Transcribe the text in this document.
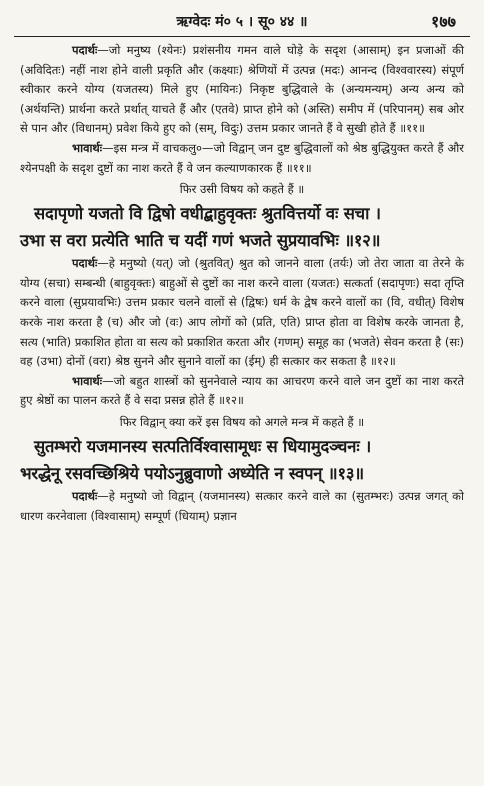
ऋग्वेदः मं० ५ । सू० ४४ ॥	१७७

पदार्थः—जो मनुष्य (श्येनः) प्रशंसनीय गमन वाले घोड़े के सदृश (आसाम्) इन प्रजाओं की (अविदितः) नहीं नाश होने वाली प्रकृति और (कक्ष्याः) श्रेणियों में उत्पन्न (मदः) आनन्द (विश्ववारस्य) संपूर्ण स्वीकार करने योग्य (यजतस्य) मिले हुए (मायिनः) निकृष्ट बुद्धिवाले के (अन्यमन्यम्) अन्य अन्य को (अर्थयन्ति) प्रार्थना करते प्रर्थात् याचते हैं और (एतवे) प्राप्त होने को (अस्ति) समीप में (परिपानम्) सब ओर से पान और (विधानम्) प्रवेश किये हुए को (सम्, विदुः) उत्तम प्रकार जानते हैं वे सुखी होते हैं ॥११॥

भावार्थः—इस मन्त्र में वाचकलु०—जो विद्वान् जन दुष्ट बुद्धिवालों को श्रेष्ठ बुद्धियुक्त करते हैं और श्येनपक्षी के सदृश दुष्टों का नाश करते हैं वे जन कल्याणकारक हैं ॥११॥

फिर उसी विषय को कहते हैं ॥
सदापृणो यजतो वि द्विषो वधीद्बाहुवृक्तः श्रुतवित्तर्यो वः सचा ।
उभा स वरा प्रत्येति भाति च यदीं गणं भजते सुप्रयावभिः ॥१२॥

पदार्थः—हे मनुष्यो (यत्) जो (श्रुतवित्) श्रुत को जानने वाला (तर्यः) जो तेरा जाता वा तेरने के योग्य (सचा) सम्बन्धी (बाहुवृक्तः) बाहुओं से दुष्टों का नाश करने वाला (यजतः) सत्कर्ता (सदापृणः) सदा तृप्ति करने वाला (सुप्रयावभिः) उत्तम प्रकार चलने वालों से (द्विषः) धर्म के द्वेष करने वालों का (वि, वधीत्) विशेष करके नाश करता है (च) और जो (वः) आप लोगों को (प्रति, एति) प्राप्त होता वा विशेष करके जानता है, सत्य (भाति) प्रकाशित होता वा सत्य को प्रकाशित करता और (गणम्) समूह का (भजते) सेवन करता है (सः) वह (उभा) दोनों (वरा) श्रेष्ठ सुनने और सुनाने वालों का (ईम्) ही सत्कार कर सकता है ॥१२॥

भावार्थः—जो बहुत शास्त्रों को सुननेवाले न्याय का आचरण करने वाले जन दुष्टों का नाश करते हुए श्रेष्ठों का पालन करते हैं वे सदा प्रसन्न होते हैं ॥१२॥

फिर विद्वान् क्या करें इस विषय को अगले मन्त्र में कहते हैं ॥
सुतम्भरो यजमानस्य सत्पतिर्विश्वासामूधः स धियामुदञ्चनः ।
भरद्धेनू रसवच्छिश्रिये पयोऽनुब्रुवाणो अध्येति न स्वपन् ॥१३॥

पदार्थः—हे मनुष्यो जो विद्वान् (यजमानस्य) सत्कार करने वाले का (सुतम्भरः) उत्पन्न जगत् को धारण करनेवाला (विश्वासाम्) सम्पूर्ण (धियाम्) प्रज्ञान
